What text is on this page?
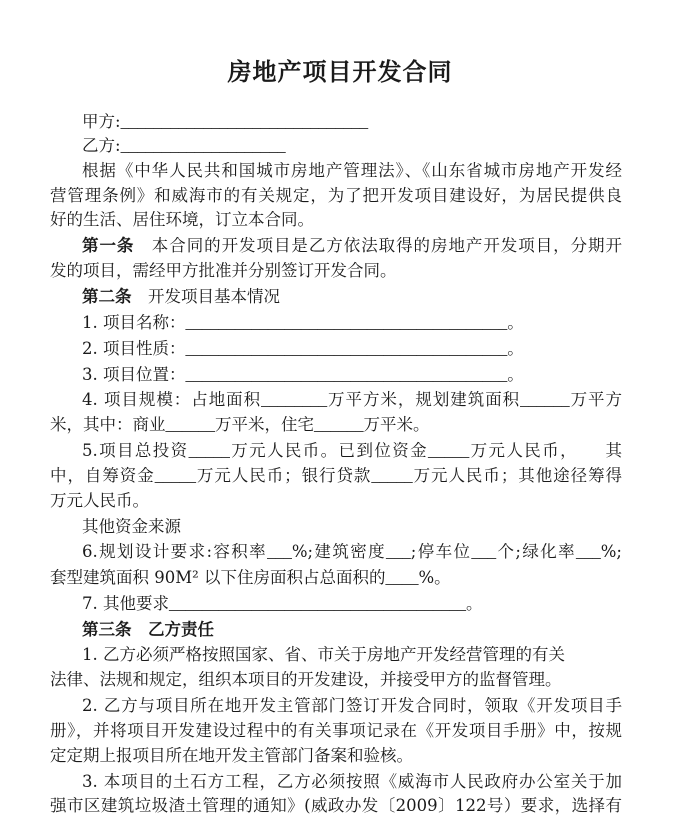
房地产项目开发合同
甲方:______________________________
乙方:____________________
根据《中华人民共和国城市房地产管理法》、《山东省城市房地产开发经
营管理条例》和威海市的有关规定，为了把开发项目建设好，为居民提供良
好的生活、居住环境，订立本合同。
第一条　本合同的开发项目是乙方依法取得的房地产开发项目，分期开
发的项目，需经甲方批准并分别签订开发合同。
第二条　开发项目基本情况
1. 项目名称：_______________________________________。
2. 项目性质：_______________________________________。
3. 项目位置：_______________________________________。
4. 项目规模：占地面积________万平方米，规划建筑面积______万平方
米，其中：商业______万平米，住宅______万平米。
5.项目总投资_____万元人民币。已到位资金_____万元人民币，　　其
中，自筹资金_____万元人民币；银行贷款_____万元人民币；其他途径筹得
万元人民币。
其他资金来源
6.规划设计要求:容积率___%;建筑密度___;停车位___个;绿化率___%;
套型建筑面积 90M² 以下住房面积占总面积的____%。
7. 其他要求____________________________________。
第三条　乙方责任
1. 乙方必须严格按照国家、省、市关于房地产开发经营管理的有关
法律、法规和规定，组织本项目的开发建设，并接受甲方的监督管理。
2. 乙方与项目所在地开发主管部门签订开发合同时，领取《开发项目手
册》，并将项目开发建设过程中的有关事项记录在《开发项目手册》中，按规
定定期上报项目所在地开发主管部门备案和验核。
3. 本项目的土石方工程，乙方必须按照《威海市人民政府办公室关于加
强市区建筑垃圾渣土管理的通知》(威政办发〔2009〕122号）要求，选择有
